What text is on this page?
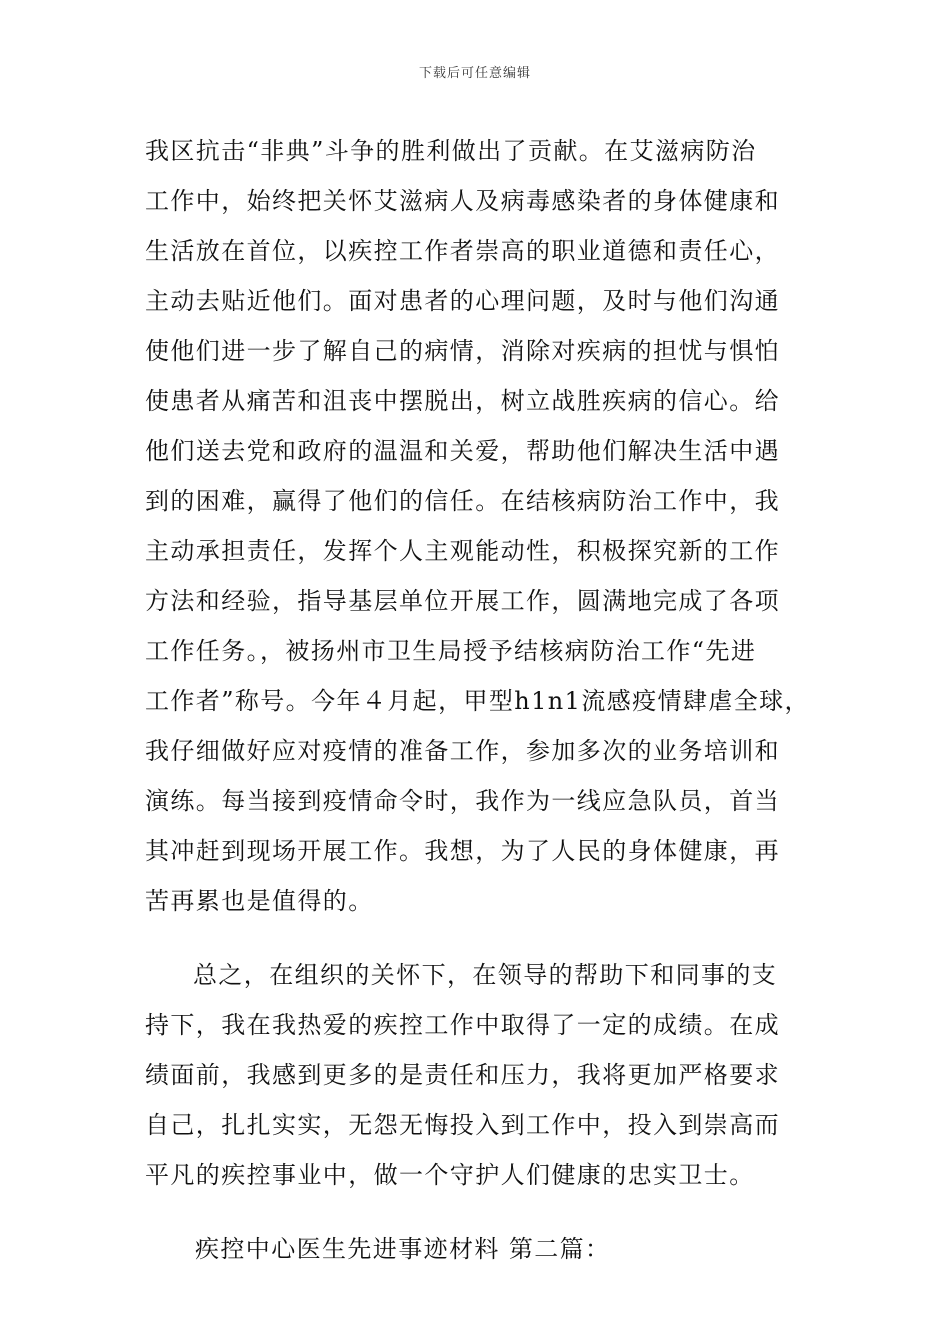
下载后可任意编辑
我区抗击“非典”斗争的胜利做出了贡献。在艾滋病防治
工作中，始终把关怀艾滋病人及病毒感染者的身体健康和
生活放在首位，以疾控工作者崇高的职业道德和责任心，
主动去贴近他们。面对患者的心理问题，及时与他们沟通
使他们进一步了解自己的病情，消除对疾病的担忧与惧怕
使患者从痛苦和沮丧中摆脱出，树立战胜疾病的信心。给
他们送去党和政府的温温和关爱，帮助他们解决生活中遇
到的困难，赢得了他们的信任。在结核病防治工作中，我
主动承担责任，发挥个人主观能动性，积极探究新的工作
方法和经验，指导基层单位开展工作，圆满地完成了各项
工作任务。，被扬州市卫生局授予结核病防治工作“先进
工作者”称号。今年４月起，甲型h1n1流感疫情肆虐全球，
我仔细做好应对疫情的准备工作，参加多次的业务培训和
演练。每当接到疫情命令时，我作为一线应急队员，首当
其冲赶到现场开展工作。我想，为了人民的身体健康，再
苦再累也是值得的。
总之，在组织的关怀下，在领导的帮助下和同事的支
持下，我在我热爱的疾控工作中取得了一定的成绩。在成
绩面前，我感到更多的是责任和压力，我将更加严格要求
自己，扎扎实实，无怨无悔投入到工作中，投入到崇高而
平凡的疾控事业中，做一个守护人们健康的忠实卫士。
疾控中心医生先进事迹材料 第二篇：
